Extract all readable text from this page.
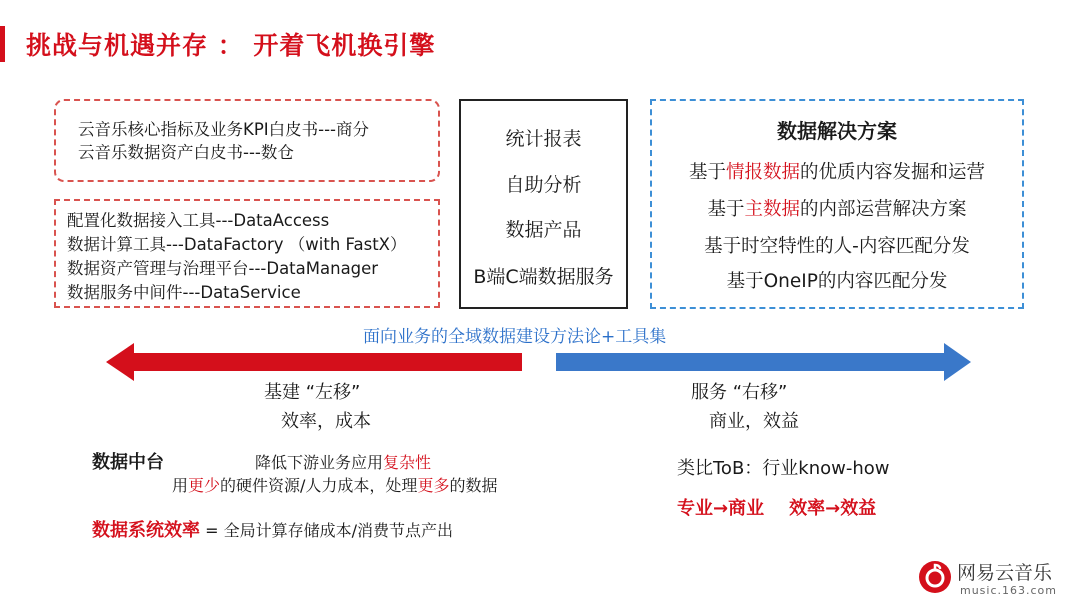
挑战与机遇并存 ： 开着飞机换引擎
云音乐核心指标及业务KPI白皮书---商分
云音乐数据资产白皮书---数仓
配置化数据接入工具---DataAccess
数据计算工具---DataFactory （with FastX）
数据资产管理与治理平台---DataManager
数据服务中间件---DataService
统计报表
自助分析
数据产品
B端C端数据服务
数据解决方案
基于情报数据的优质内容发掘和运营
基于主数据的内部运营解决方案
基于时空特性的人-内容匹配分发
基于OneIP的内容匹配分发
面向业务的全域数据建设方法论+工具集
基建 “左移”
效率，成本
服务 “右移”
商业，效益
数据中台	降低下游业务应用复杂性
用更少的硬件资源/人力成本，处理更多的数据
数据系统效率 = 全局计算存储成本/消费节点产出
类比ToB：行业know-how
专业→商业    效率→效益
网易云音乐
music.163.com
